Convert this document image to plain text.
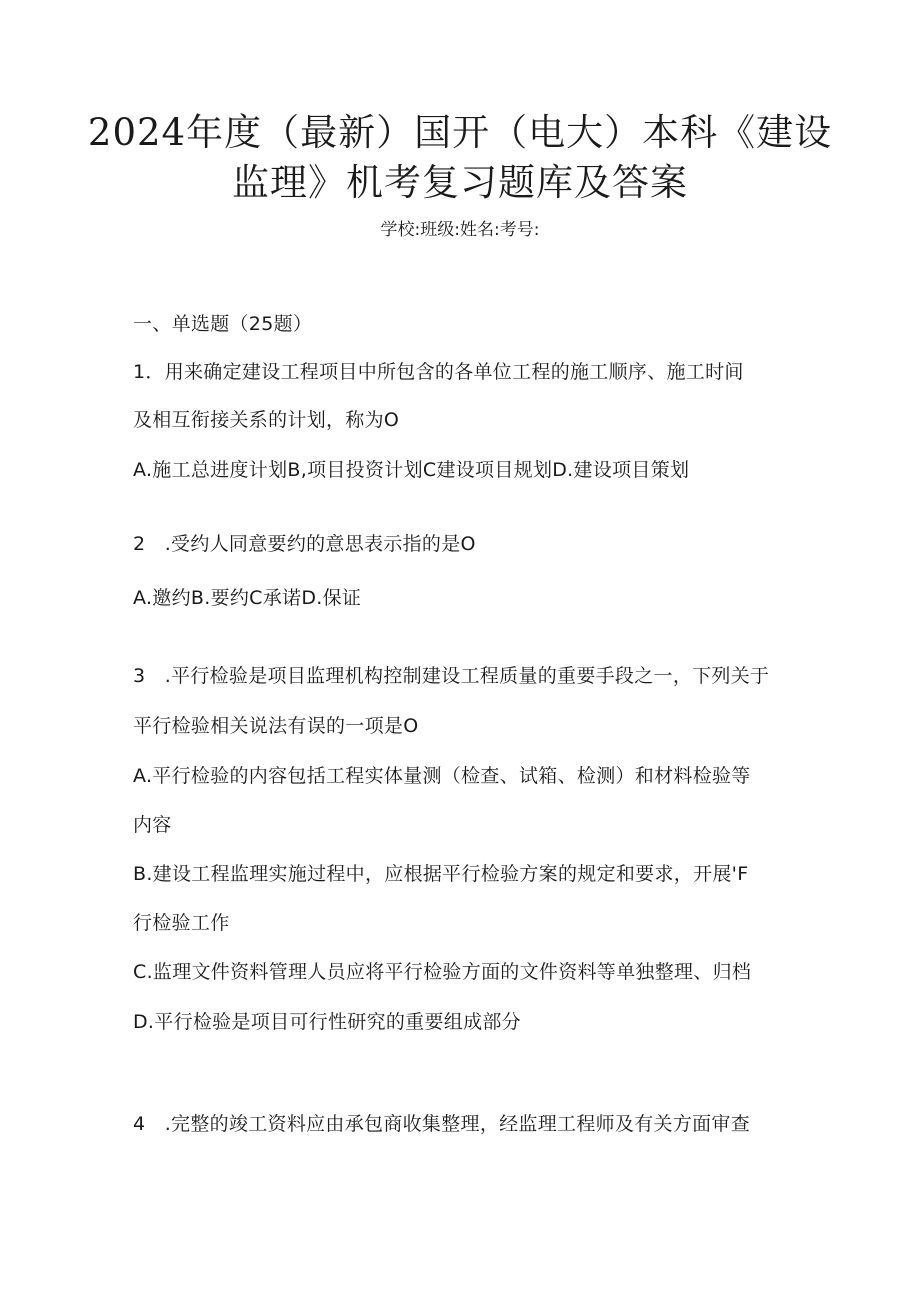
2024年度（最新）国开（电大）本科《建设
监理》机考复习题库及答案
学校:班级:姓名:考号:
一、单选题（25题）
1．用来确定建设工程项目中所包含的各单位工程的施工顺序、施工时间
及相互衔接关系的计划，称为O
A.施工总进度计划B,项目投资计划C建设项目规划D.建设项目策划
2　.受约人同意要约的意思表示指的是O
A.邀约B.要约C承诺D.保证
3　.平行检验是项目监理机构控制建设工程质量的重要手段之一，下列关于
平行检验相关说法有误的一项是O
A.平行检验的内容包括工程实体量测（检查、试箱、检测）和材料检验等
内容
B.建设工程监理实施过程中，应根据平行检验方案的规定和要求，开展'F
行检验工作
C.监理文件资料管理人员应将平行检验方面的文件资料等单独整理、归档
D.平行检验是项目可行性研究的重要组成部分
4　.完整的竣工资料应由承包商收集整理，经监理工程师及有关方面审查
